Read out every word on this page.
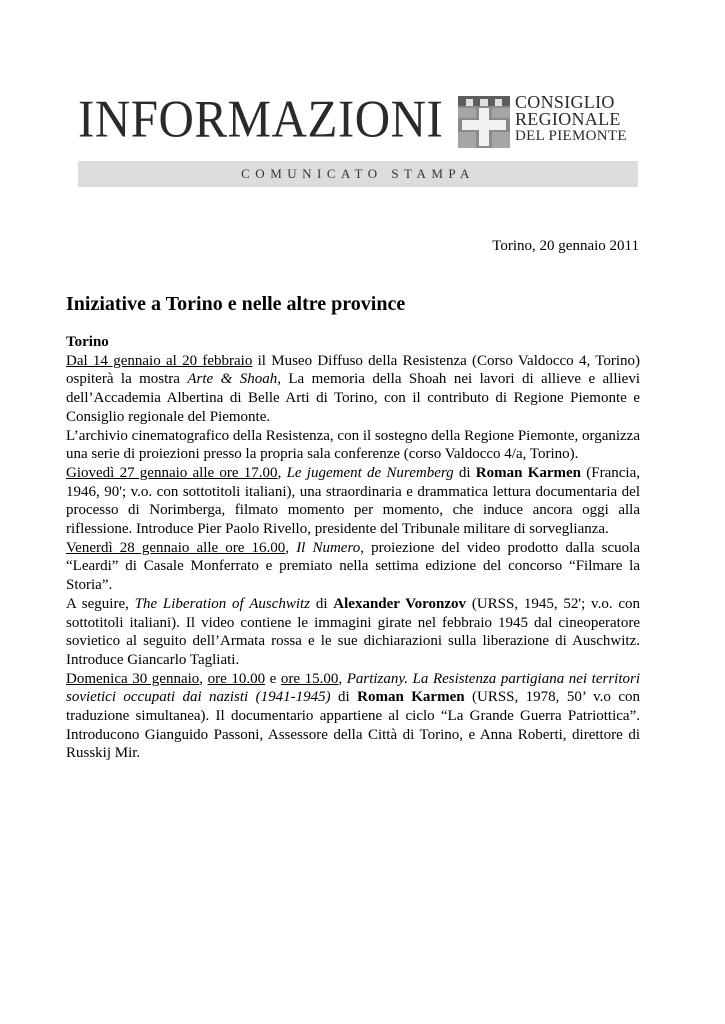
INFORMAZIONI	CONSIGLIO
REGIONALE
DEL PIEMONTE
COMUNICATO STAMPA
Torino, 20 gennaio 2011
Iniziative a Torino e nelle altre province

Torino

Dal 14 gennaio al 20 febbraio il Museo Diffuso della Resistenza (Corso Valdocco 4, Torino) ospiterà la mostra Arte & Shoah, La memoria della Shoah nei lavori di allieve e allievi dell’Accademia Albertina di Belle Arti di Torino, con il contributo di Regione Piemonte e Consiglio regionale del Piemonte.

L’archivio cinematografico della Resistenza, con il sostegno della Regione Piemonte, organizza una serie di proiezioni presso la propria sala conferenze (corso Valdocco 4/a, Torino).

Giovedì 27 gennaio alle ore 17.00, Le jugement de Nuremberg di Roman Karmen (Francia, 1946, 90'; v.o. con sottotitoli italiani), una straordinaria e drammatica lettura documentaria del processo di Norimberga, filmato momento per momento, che induce ancora oggi alla riflessione. Introduce Pier Paolo Rivello, presidente del Tribunale militare di sorveglianza.

Venerdì 28 gennaio alle ore 16.00, Il Numero, proiezione del video prodotto dalla scuola “Leardi” di Casale Monferrato e premiato nella settima edizione del concorso “Filmare la Storia”.

A seguire, The Liberation of Auschwitz di Alexander Voronzov (URSS, 1945, 52'; v.o. con sottotitoli italiani). Il video contiene le immagini girate nel febbraio 1945 dal cineoperatore sovietico al seguito dell’Armata rossa e le sue dichiarazioni sulla liberazione di Auschwitz. Introduce Giancarlo Tagliati.

Domenica 30 gennaio, ore 10.00 e ore 15.00, Partizany. La Resistenza partigiana nei territori sovietici occupati dai nazisti (1941-1945) di Roman Karmen (URSS, 1978, 50’ v.o con traduzione simultanea). Il documentario appartiene al ciclo “La Grande Guerra Patriottica”. Introducono Gianguido Passoni, Assessore della Città di Torino, e Anna Roberti, direttore di Russkij Mir.
